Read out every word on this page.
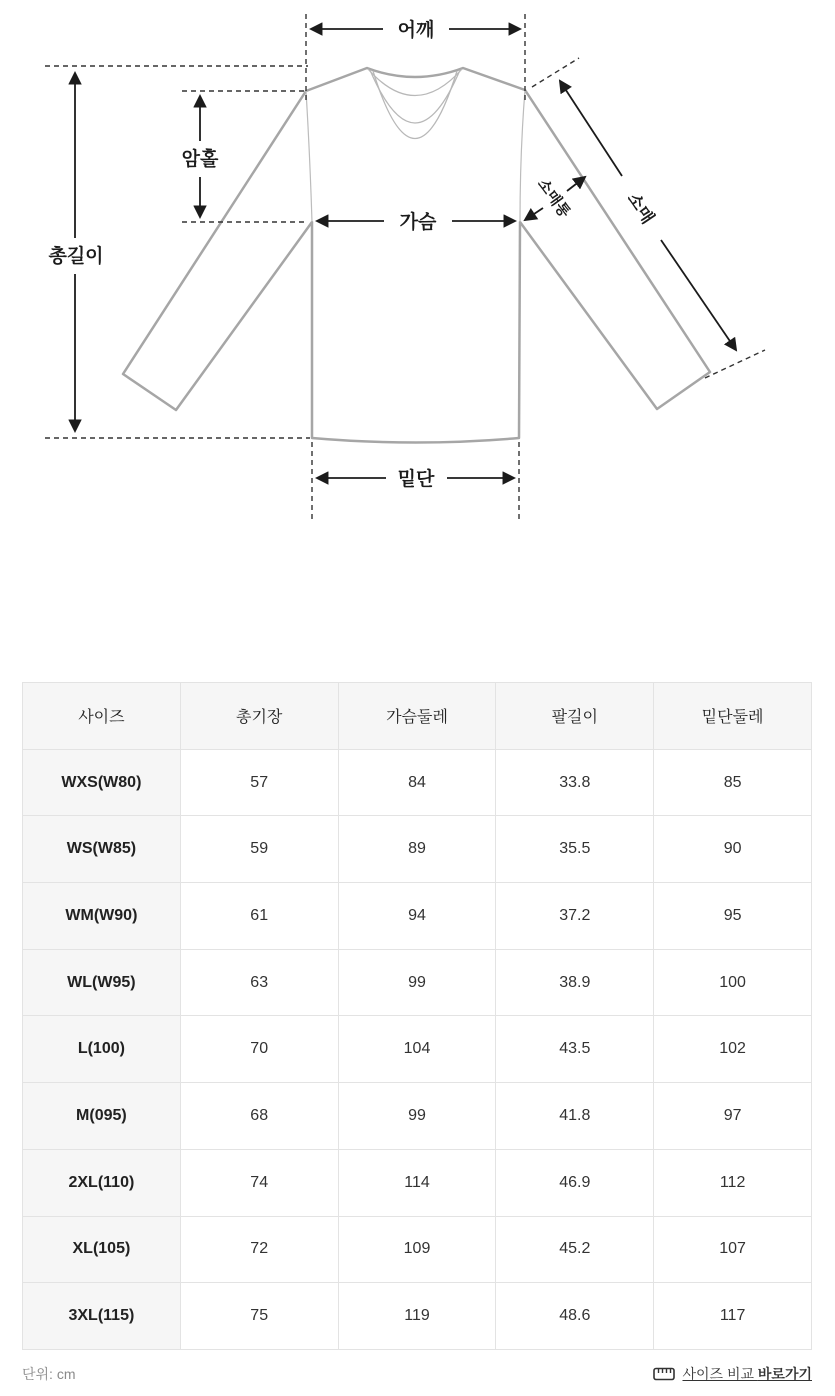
어깨
총길이
암홀
가슴
밑단
소매
소매통
사이즈	총기장	가슴둘레	팔길이	밑단둘레
WXS(W80)	57	84	33.8	85
WS(W85)	59	89	35.5	90
WM(W90)	61	94	37.2	95
WL(W95)	63	99	38.9	100
L(100)	70	104	43.5	102
M(095)	68	99	41.8	97
2XL(110)	74	114	46.9	112
XL(105)	72	109	45.2	107
3XL(115)	75	119	48.6	117
단위: cm	사이즈 비교 바로가기
